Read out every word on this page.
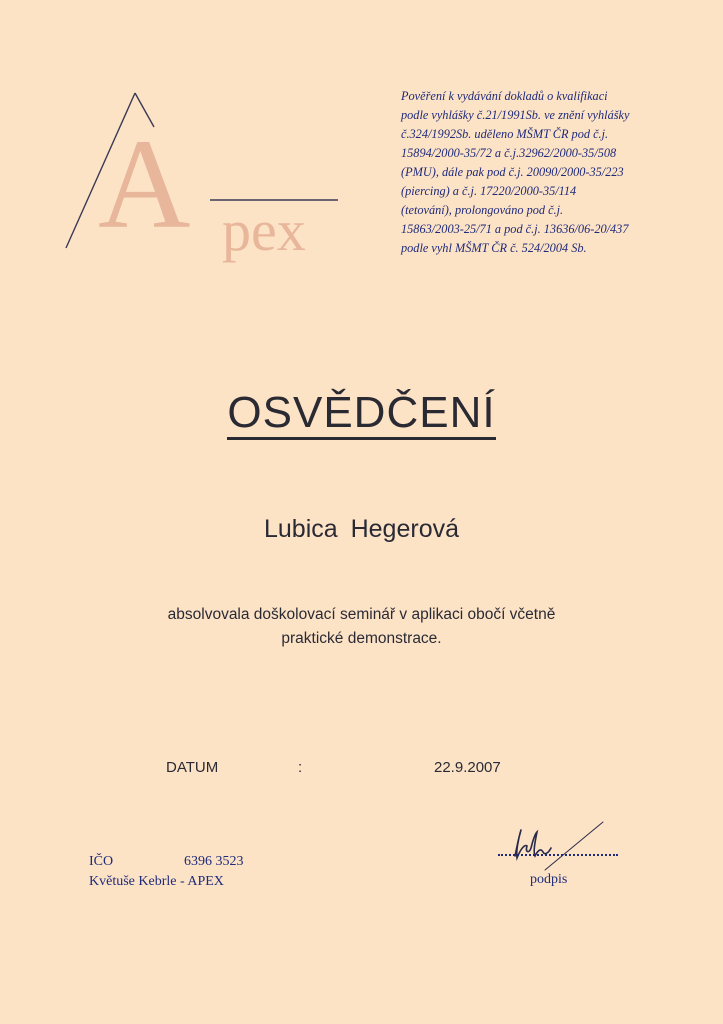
A pex
Pověření k vydávání dokladů o kvalifikaci
podle vyhlášky č.21/1991Sb. ve znění vyhlášky
č.324/1992Sb. uděleno MŠMT ČR pod č.j.
15894/2000-35/72 a č.j.32962/2000-35/508
(PMU), dále pak pod č.j. 20090/2000-35/223
(piercing) a č.j. 17220/2000-35/114
(tetování), prolongováno pod č.j.
15863/2003-25/71 a pod č.j. 13636/06-20/437
podle vyhl MŠMT ČR č. 524/2004 Sb.
OSVĚDČENÍ
Lubica Hegerová
absolvovala doškolovací seminář v aplikaci obočí včetně
praktické demonstrace.
DATUM	:	22.9.2007
IČO	6396 3523
Květuše Kebrle - APEX	podpis
